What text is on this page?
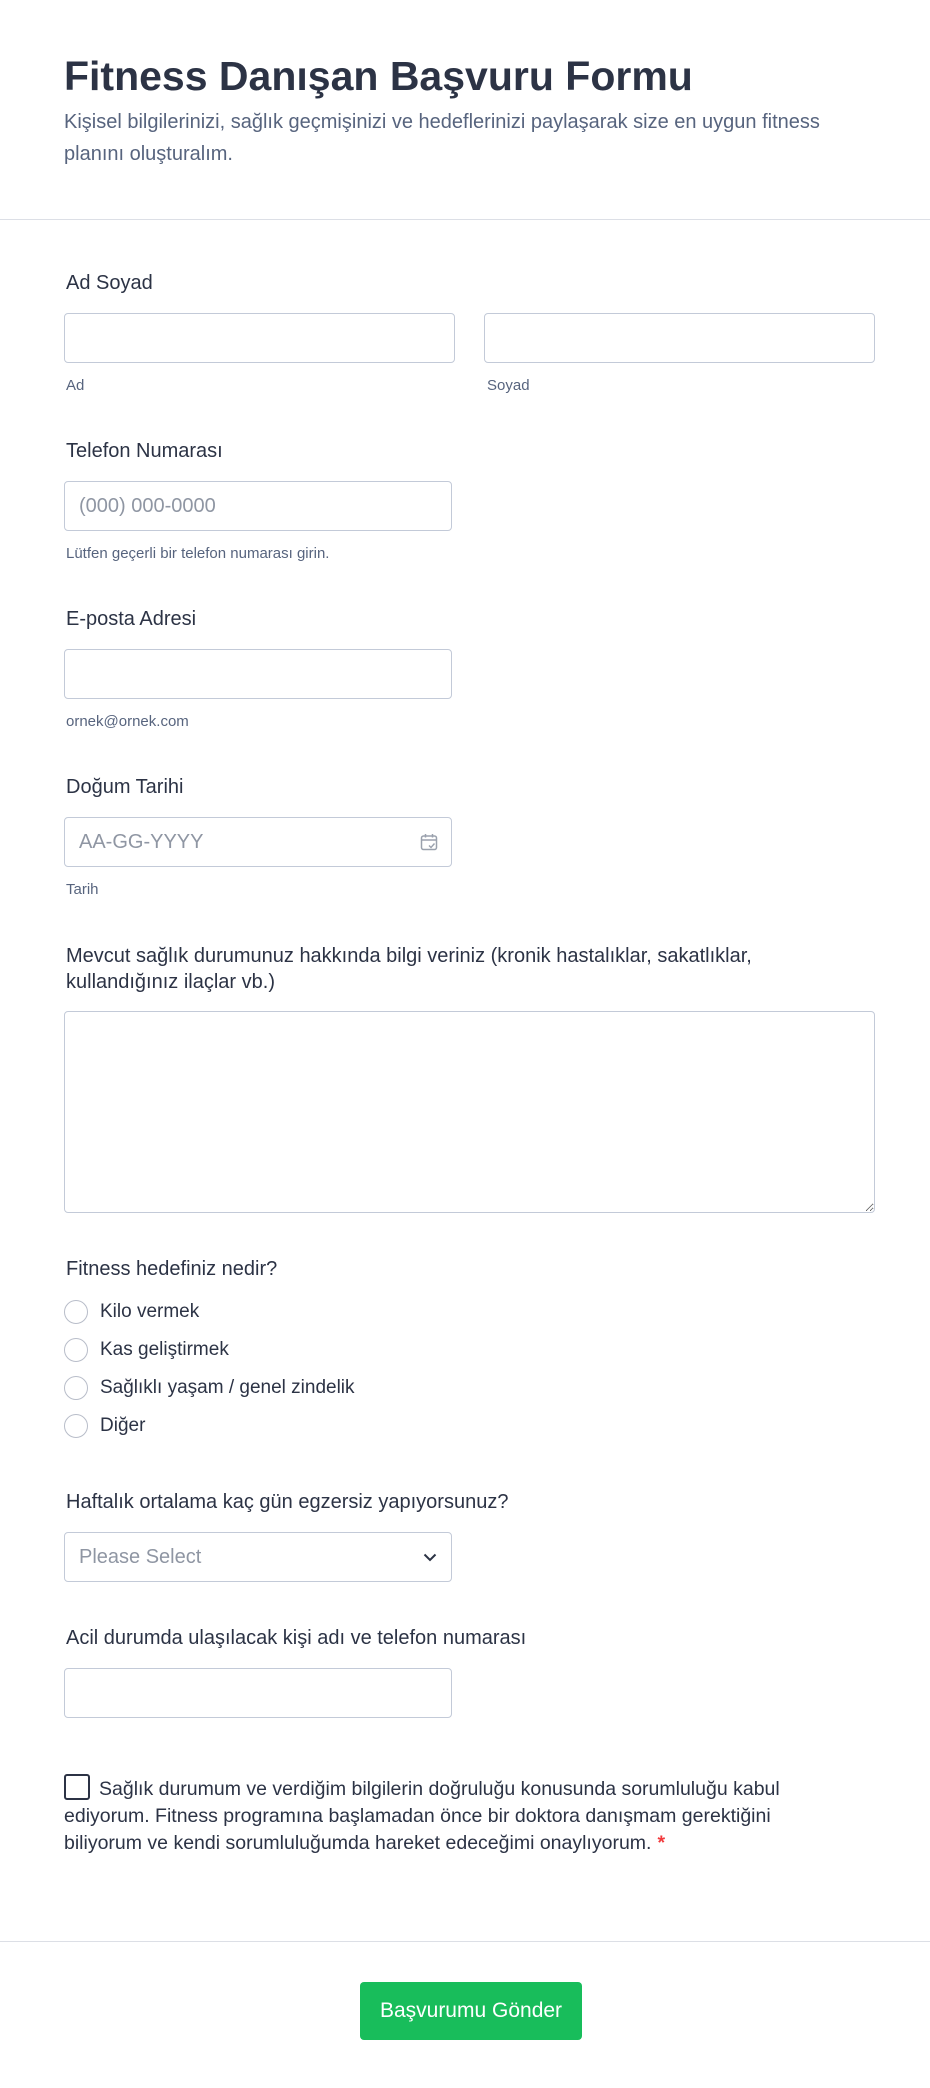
Fitness Danışan Başvuru Formu
Kişisel bilgilerinizi, sağlık geçmişinizi ve hedeflerinizi paylaşarak size en uygun fitness planını oluşturalım.
Ad Soyad
Ad	Soyad
Telefon Numarası
(000) 000-0000
Lütfen geçerli bir telefon numarası girin.
E-posta Adresi
ornek@ornek.com
Doğum Tarihi
AA-GG-YYYY
Tarih
Mevcut sağlık durumunuz hakkında bilgi veriniz (kronik hastalıklar, sakatlıklar, kullandığınız ilaçlar vb.)
Fitness hedefiniz nedir?
Kilo vermek
Kas geliştirmek
Sağlıklı yaşam / genel zindelik
Diğer
Haftalık ortalama kaç gün egzersiz yapıyorsunuz?
Please Select
Acil durumda ulaşılacak kişi adı ve telefon numarası
Sağlık durumum ve verdiğim bilgilerin doğruluğu konusunda sorumluluğu kabul ediyorum. Fitness programına başlamadan önce bir doktora danışmam gerektiğini biliyorum ve kendi sorumluluğumda hareket edeceğimi onaylıyorum. *
Başvurumu Gönder
